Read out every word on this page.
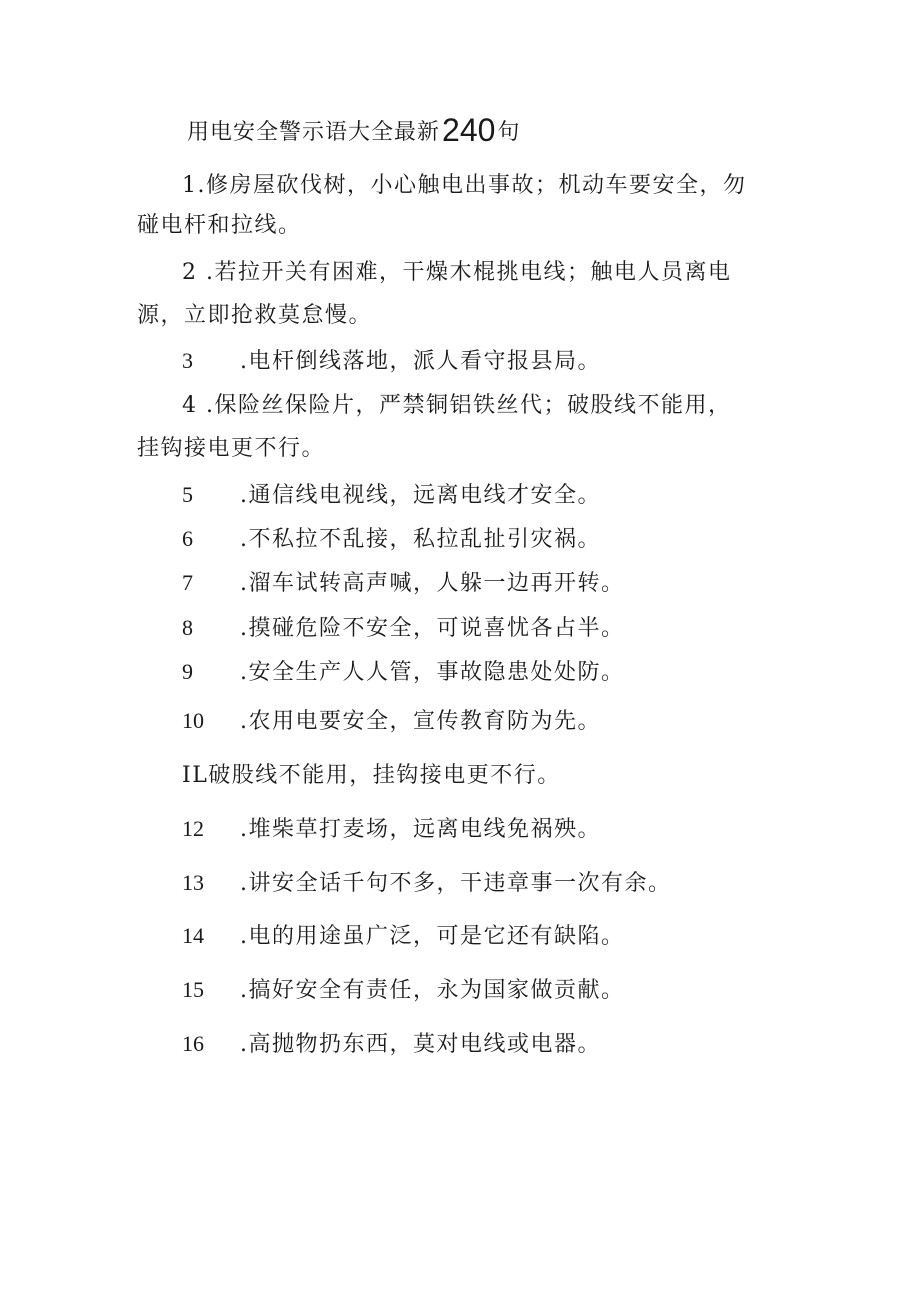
用电安全警示语大全最新240句
1.修房屋砍伐树，小心触电出事故；机动车要安全，勿
碰电杆和拉线。
2 .若拉开关有困难，干燥木棍挑电线；触电人员离电
源，立即抢救莫怠慢。
3 .电杆倒线落地，派人看守报县局。
4 .保险丝保险片，严禁铜铝铁丝代；破股线不能用，
挂钩接电更不行。
5 .通信线电视线，远离电线才安全。
6 .不私拉不乱接，私拉乱扯引灾祸。
7 .溜车试转高声喊，人躲一边再开转。
8 .摸碰危险不安全，可说喜忧各占半。
9 .安全生产人人管，事故隐患处处防。
10 .农用电要安全，宣传教育防为先。
IL破股线不能用，挂钩接电更不行。
12 .堆柴草打麦场，远离电线免祸殃。
13 .讲安全话千句不多，干违章事一次有余。
14 .电的用途虽广泛，可是它还有缺陷。
15 .搞好安全有责任，永为国家做贡献。
16 .高抛物扔东西，莫对电线或电器。
